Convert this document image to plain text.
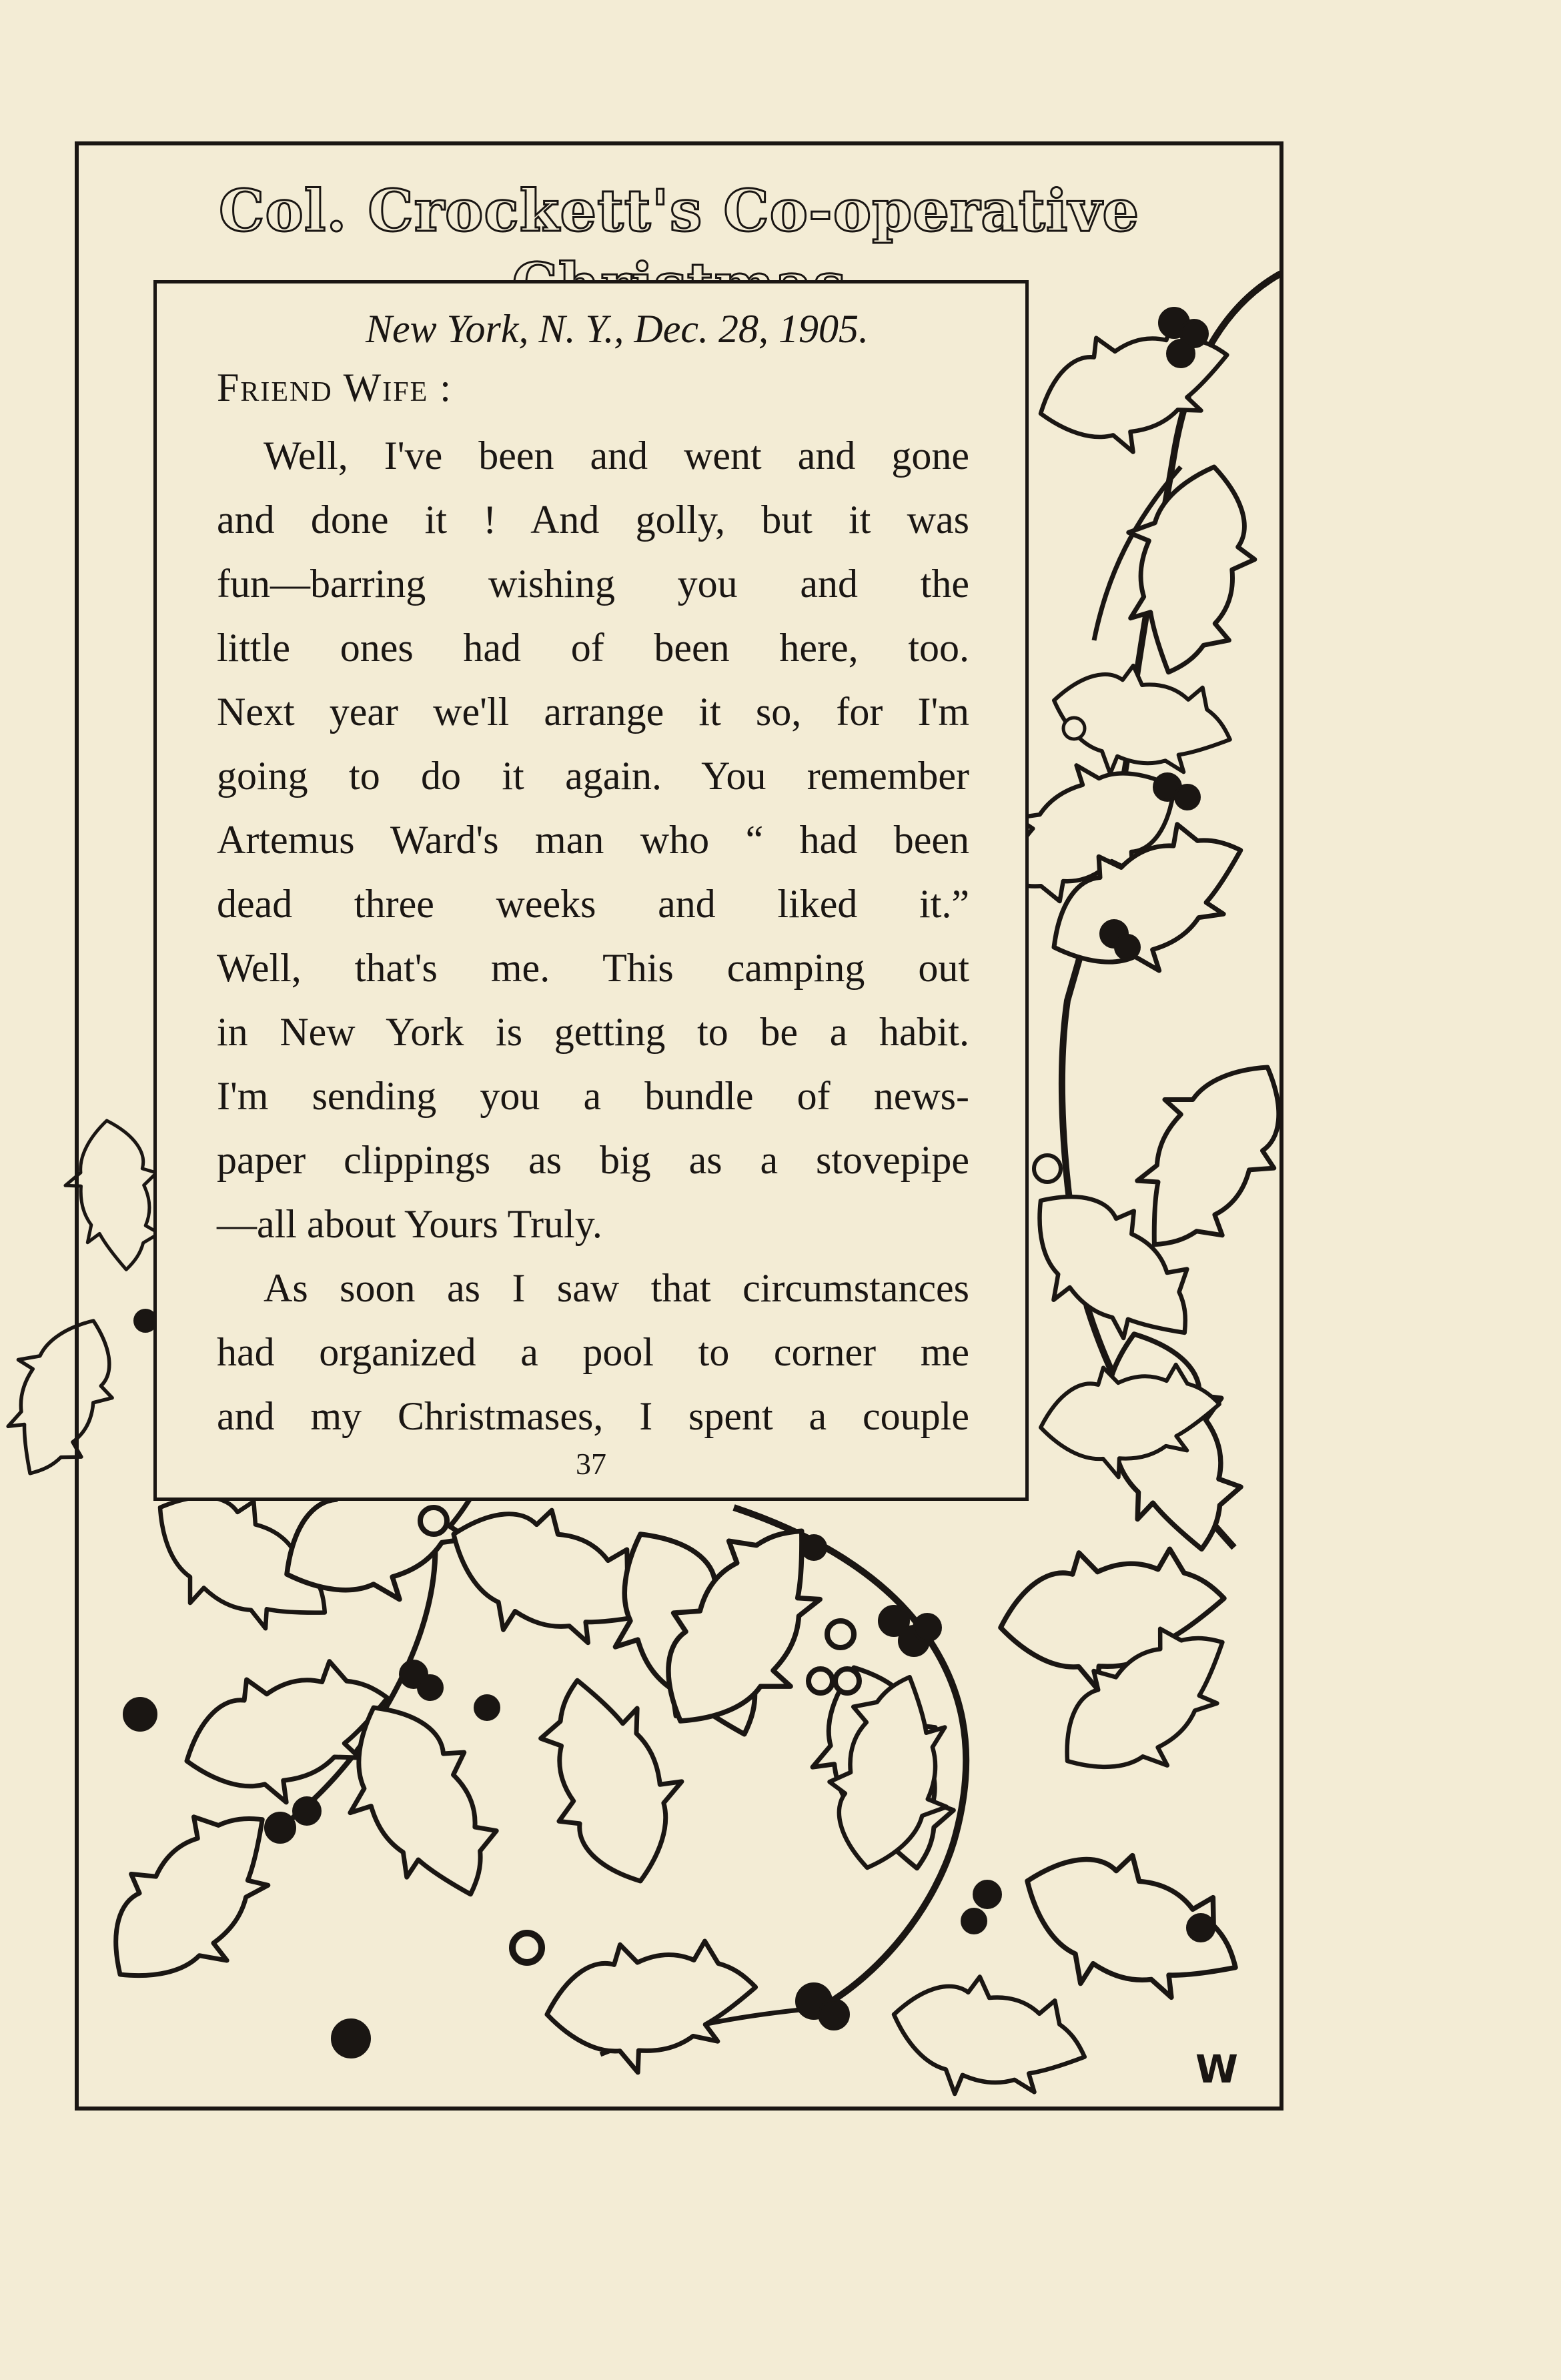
Col. Crockett's Co-operative
New York, N. Y., Dec. 28, 1905.
Friend Wife :
Well, I've been and went and gone
and done it ! And golly, but it was
fun—barring wishing you and the
little ones had of been here, too.
Next year we'll arrange it so, for I'm
going to do it again. You remember
Artemus Ward's man who “ had been
dead three weeks and liked it.”
Well, that's me. This camping out
in New York is getting to be a habit.
I'm sending you a bundle of news-
paper clippings as big as a stovepipe
—all about Yours Truly.
As soon as I saw that circumstances
had organized a pool to corner me
and my Christmases, I spent a couple
37
W
